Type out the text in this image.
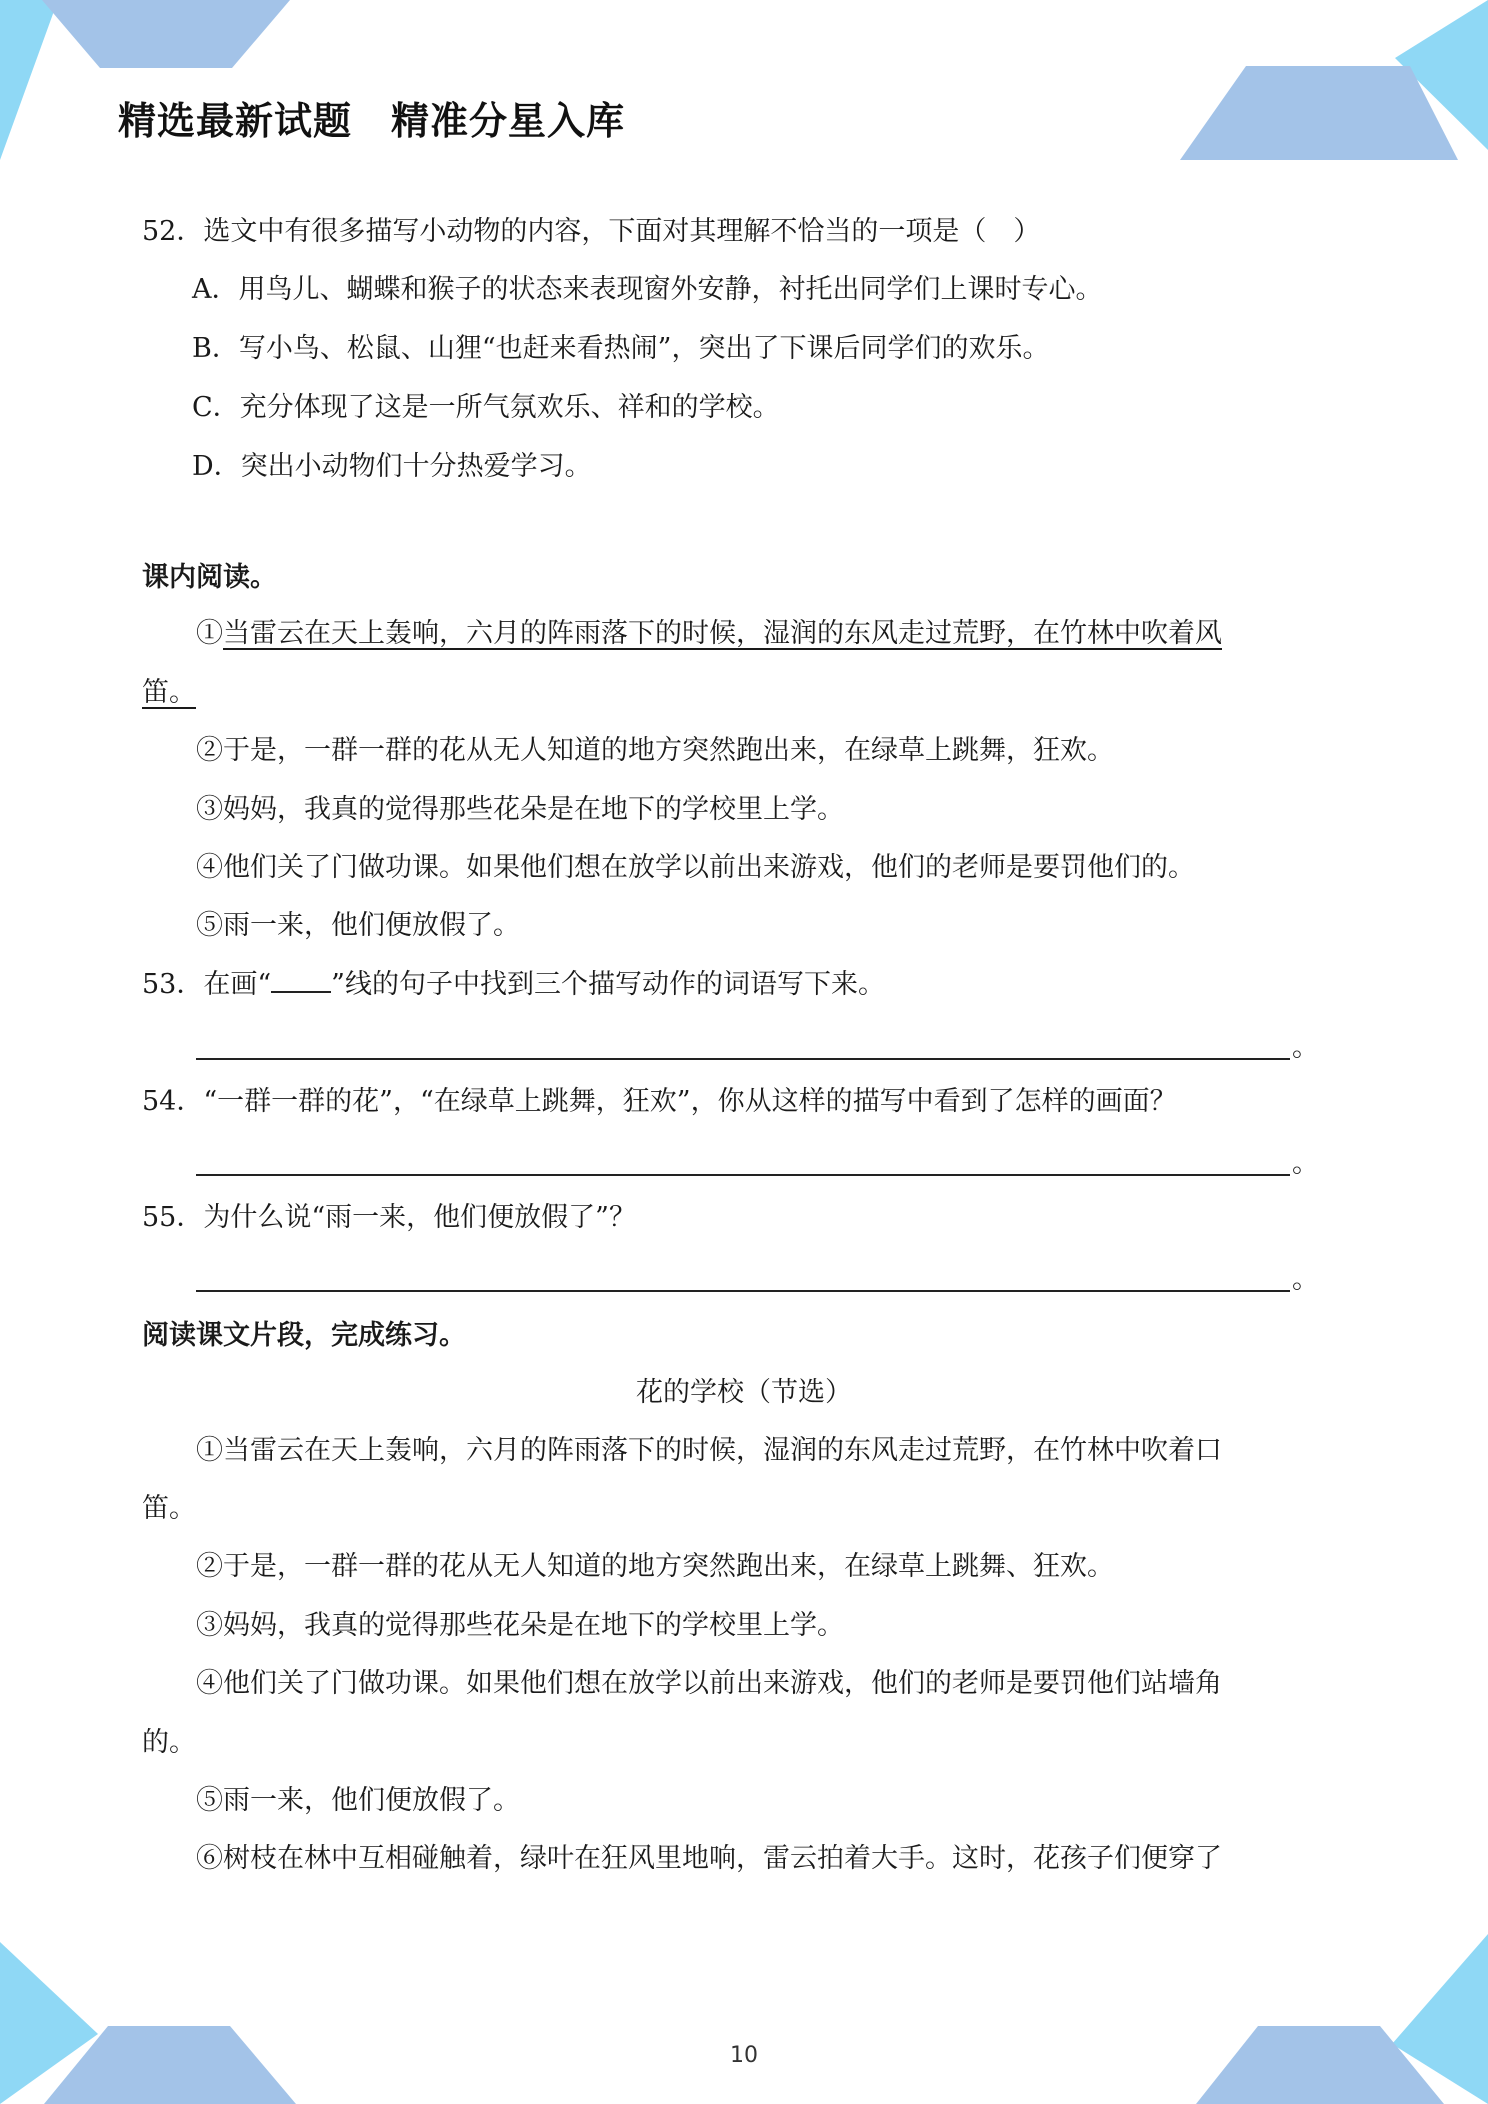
精选最新试题　精准分星入库
52．选文中有很多描写小动物的内容，下面对其理解不恰当的一项是（　）
A．用鸟儿、蝴蝶和猴子的状态来表现窗外安静，衬托出同学们上课时专心。
B．写小鸟、松鼠、山狸“也赶来看热闹”，突出了下课后同学们的欢乐。
C．充分体现了这是一所气氛欢乐、祥和的学校。
D．突出小动物们十分热爱学习。
课内阅读。
①当雷云在天上轰响，六月的阵雨落下的时候，湿润的东风走过荒野，在竹林中吹着风
笛。
②于是，一群一群的花从无人知道的地方突然跑出来，在绿草上跳舞，狂欢。
③妈妈，我真的觉得那些花朵是在地下的学校里上学。
④他们关了门做功课。如果他们想在放学以前出来游戏，他们的老师是要罚他们的。
⑤雨一来，他们便放假了。
53．在画“ ”线的句子中找到三个描写动作的词语写下来。
。
54．“一群一群的花”，“在绿草上跳舞，狂欢”，你从这样的描写中看到了怎样的画面？
。
55．为什么说“雨一来，他们便放假了”？
。
阅读课文片段，完成练习。
花的学校（节选）
①当雷云在天上轰响，六月的阵雨落下的时候，湿润的东风走过荒野，在竹林中吹着口
笛。
②于是，一群一群的花从无人知道的地方突然跑出来，在绿草上跳舞、狂欢。
③妈妈，我真的觉得那些花朵是在地下的学校里上学。
④他们关了门做功课。如果他们想在放学以前出来游戏，他们的老师是要罚他们站墙角
的。
⑤雨一来，他们便放假了。
⑥树枝在林中互相碰触着，绿叶在狂风里地响，雷云拍着大手。这时，花孩子们便穿了
10
